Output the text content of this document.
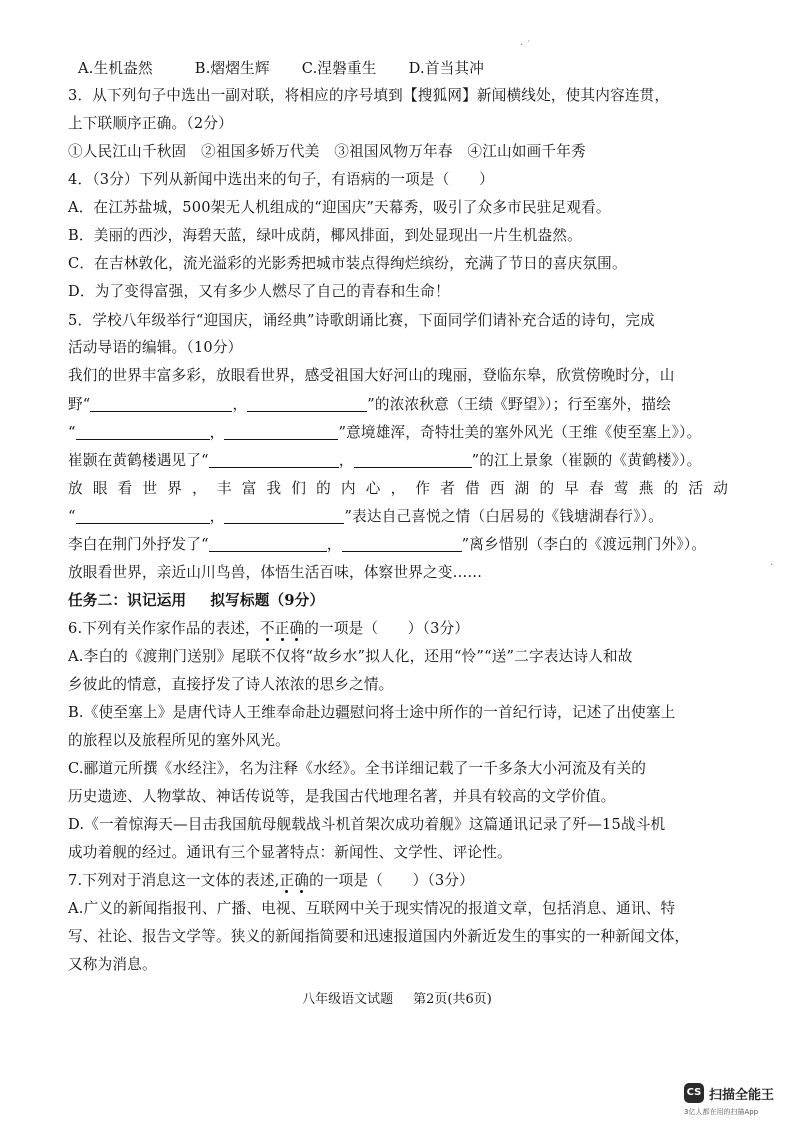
· ˙
A.生机盎然	B.熠熠生辉 C.涅磐重生 D.首当其冲
3．从下列句子中选出一副对联，将相应的序号填到【搜狐网】新闻横线处，使其内容连贯，
上下联顺序正确。（2分）
①人民江山千秋固　②祖国多娇万代美　③祖国风物万年春　④江山如画千年秀
4．（3分）下列从新闻中选出来的句子，有语病的一项是（　　）
A．在江苏盐城，500架无人机组成的“迎国庆”天幕秀，吸引了众多市民驻足观看。
B．美丽的西沙，海碧天蓝，绿叶成荫，椰风排面，到处显现出一片生机盎然。
C．在吉林敦化，流光溢彩的光影秀把城市装点得绚烂缤纷，充满了节日的喜庆氛围。
D．为了变得富强，又有多少人燃尽了自己的青春和生命！
5．学校八年级举行“迎国庆，诵经典”诗歌朗诵比赛，下面同学们请补充合适的诗句，完成
活动导语的编辑。（10分）
我们的世界丰富多彩，放眼看世界，感受祖国大好河山的瑰丽，登临东皋，欣赏傍晚时分，山
野“	，	”的浓浓秋意（王绩《野望》）；行至塞外，描绘
“	，	”意境雄浑，奇特壮美的塞外风光（王维《使至塞上》）。
崔颢在黄鹤楼遇见了“	，	”的江上景象（崔颢的《黄鹤楼》）。
放眼看世界，丰富我们的内心，作者借西湖的早春莺燕的活动
“	，	”表达自己喜悦之情（白居易的《钱塘湖春行》）。
李白在荆门外抒发了“	，	”离乡惜别（李白的《渡远荆门外》）。
放眼看世界，亲近山川鸟兽，体悟生活百味，体察世界之变……	·
任务二：识记运用 拟写标题（9分）
6.下列有关作家作品的表述，不正确的一项是（　　）（3分）
A.李白的《渡荆门送别》尾联不仅将“故乡水”拟人化，还用“怜”“送”二字表达诗人和故
乡彼此的情意，直接抒发了诗人浓浓的思乡之情。
B.《使至塞上》是唐代诗人王维奉命赴边疆慰问将士途中所作的一首纪行诗，记述了出使塞上
的旅程以及旅程所见的塞外风光。
C.郦道元所撰《水经注》，名为注释《水经》。全书详细记载了一千多条大小河流及有关的
历史遗迹、人物掌故、神话传说等，是我国古代地理名著，并具有较高的文学价值。
D.《一着惊海天—目击我国航母舰载战斗机首架次成功着舰》这篇通讯记录了歼—15战斗机
成功着舰的经过。通讯有三个显著特点：新闻性、文学性、评论性。
7.下列对于消息这一文体的表述,正确的一项是（　　）（3分）
A.广义的新闻指报刊、广播、电视、互联网中关于现实情况的报道文章，包括消息、通讯、特
写、社论、报告文学等。狭义的新闻指简要和迅速报道国内外新近发生的事实的一种新闻文体，
又称为消息。
八年级语文试题 第2页(共6页)
CS 扫描全能王
3亿人都在用的扫描App
